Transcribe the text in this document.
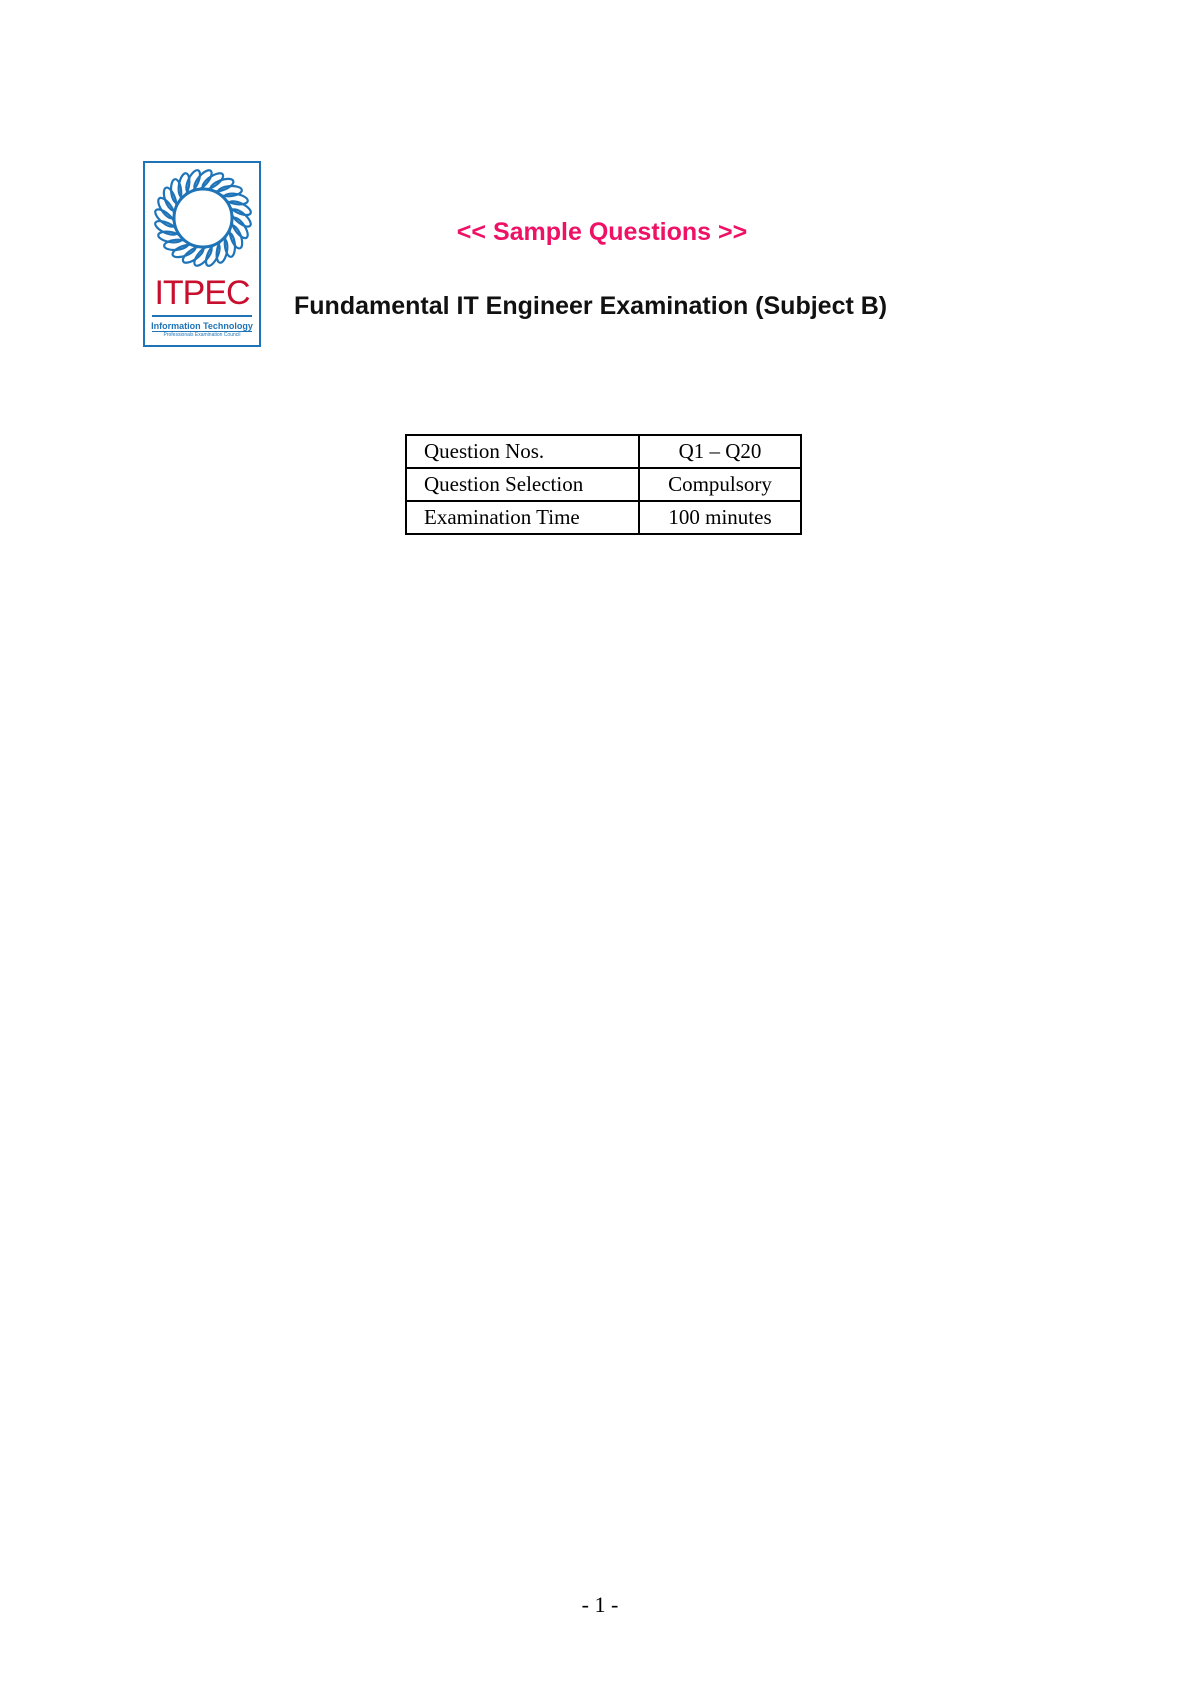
ITPEC
Information Technology
Professionals Examination Council
<< Sample Questions >>
Fundamental IT Engineer Examination (Subject B)
Question Nos.	Q1 – Q20
Question Selection	Compulsory
Examination Time	100 minutes
- 1 -
